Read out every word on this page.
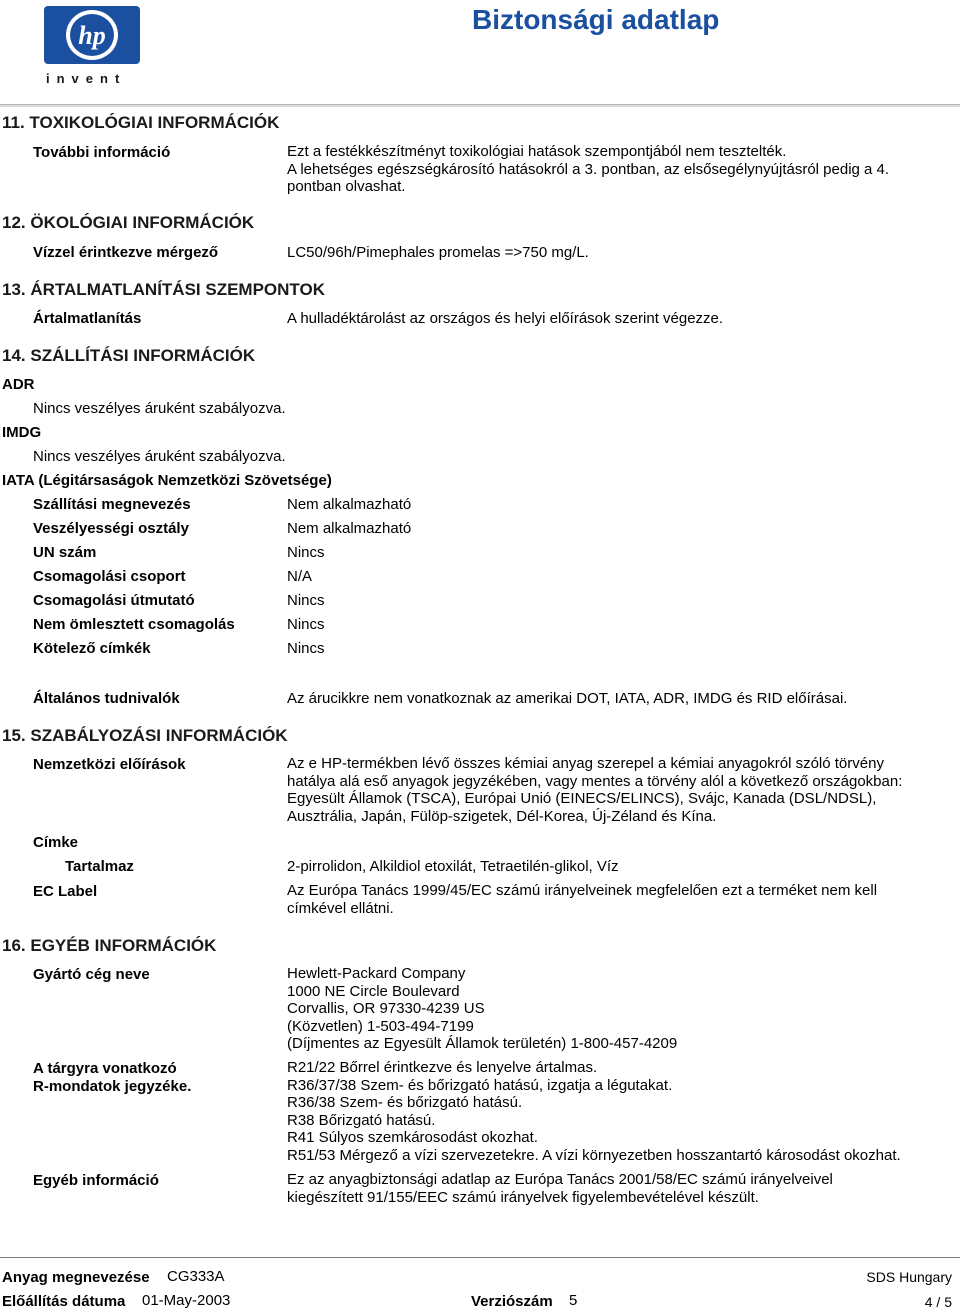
hp
invent
Biztonsági adatlap
11. TOXIKOLÓGIAI INFORMÁCIÓK
További információ	Ezt a festékkészítményt toxikológiai hatások szempontjából nem tesztelték.
A lehetséges egészségkárosító hatásokról a 3. pontban, az elsősegélynyújtásról pedig a 4.
pontban olvashat.
12. ÖKOLÓGIAI INFORMÁCIÓK
Vízzel érintkezve mérgező	LC50/96h/Pimephales promelas =>750 mg/L.
13. ÁRTALMATLANÍTÁSI SZEMPONTOK
Ártalmatlanítás	A hulladéktárolást az országos és helyi előírások szerint végezze.
14. SZÁLLÍTÁSI INFORMÁCIÓK
ADR
Nincs veszélyes áruként szabályozva.
IMDG
Nincs veszélyes áruként szabályozva.
IATA (Légitársaságok Nemzetközi Szövetsége)
Szállítási megnevezés	Nem alkalmazható
Veszélyességi osztály	Nem alkalmazható
UN szám	Nincs
Csomagolási csoport	N/A
Csomagolási útmutató	Nincs
Nem ömlesztett csomagolás	Nincs
Kötelező címkék	Nincs
Általános tudnivalók	Az árucikkre nem vonatkoznak az amerikai DOT, IATA, ADR, IMDG és RID előírásai.
15. SZABÁLYOZÁSI INFORMÁCIÓK
Nemzetközi előírások	Az e HP-termékben lévő összes kémiai anyag szerepel a kémiai anyagokról szóló törvény
hatálya alá eső anyagok jegyzékében, vagy mentes a törvény alól a következő országokban:
Egyesült Államok (TSCA), Európai Unió (EINECS/ELINCS), Svájc, Kanada (DSL/NDSL),
Ausztrália, Japán, Fülöp-szigetek, Dél-Korea, Új-Zéland és Kína.
Címke
Tartalmaz	2-pirrolidon, Alkildiol etoxilát, Tetraetilén-glikol, Víz
EC Label	Az Európa Tanács 1999/45/EC számú irányelveinek megfelelően ezt a terméket nem kell
címkével ellátni.
16. EGYÉB INFORMÁCIÓK
Gyártó cég neve	Hewlett-Packard Company
1000 NE Circle Boulevard
Corvallis, OR 97330-4239 US
(Közvetlen) 1-503-494-7199
(Díjmentes az Egyesült Államok területén) 1-800-457-4209
A tárgyra vonatkozó
R-mondatok jegyzéke.
R21/22 Bőrrel érintkezve és lenyelve ártalmas.
R36/37/38 Szem- és bőrizgató hatású, izgatja a légutakat.
R36/38 Szem- és bőrizgató hatású.
R38 Bőrizgató hatású.
R41 Súlyos szemkárosodást okozhat.
R51/53 Mérgező a vízi szervezetekre. A vízi környezetben hosszantartó károsodást okozhat.
Egyéb információ	Ez az anyagbiztonsági adatlap az Európa Tanács 2001/58/EC számú irányelveivel
kiegészített 91/155/EEC számú irányelvek figyelembevételével készült.
Anyag megnevezése CG333A
Előállítás dátuma 01-May-2003	Verziószám 5
SDS Hungary
4 / 5
